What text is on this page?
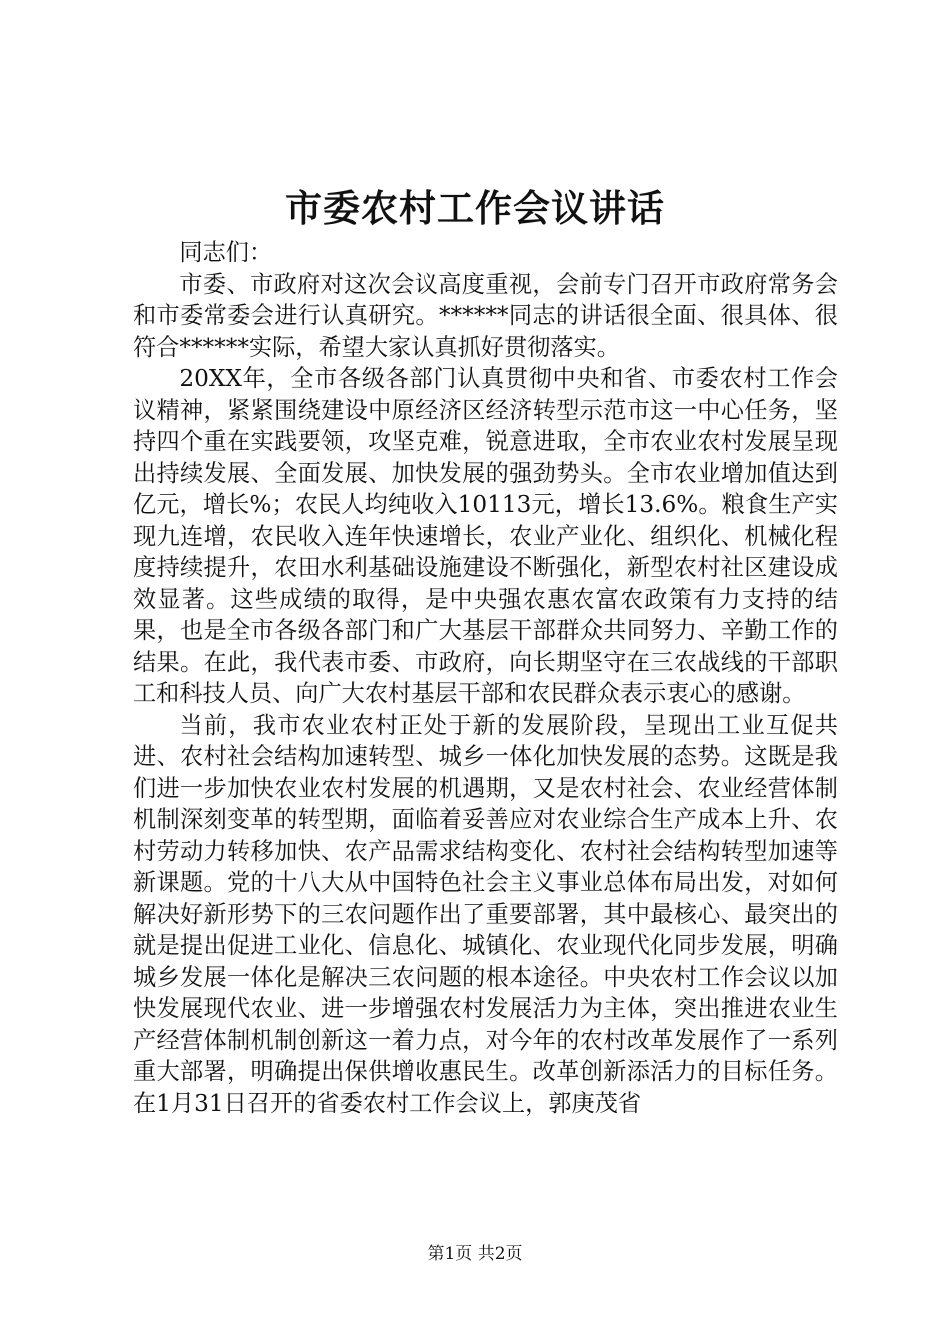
市委农村工作会议讲话

同志们：

市委、市政府对这次会议高度重视，会前专门召开市政府常务会和市委常委会进行认真研究。******同志的讲话很全面、很具体、很符合******实际，希望大家认真抓好贯彻落实。

20XX年，全市各级各部门认真贯彻中央和省、市委农村工作会议精神，紧紧围绕建设中原经济区经济转型示范市这一中心任务，坚持四个重在实践要领，攻坚克难，锐意进取，全市农业农村发展呈现出持续发展、全面发展、加快发展的强劲势头。全市农业增加值达到亿元，增长%；农民人均纯收入10113元，增长13.6%。粮食生产实现九连增，农民收入连年快速增长，农业产业化、组织化、机械化程度持续提升，农田水利基础设施建设不断强化，新型农村社区建设成效显著。这些成绩的取得，是中央强农惠农富农政策有力支持的结果，也是全市各级各部门和广大基层干部群众共同努力、辛勤工作的结果。在此，我代表市委、市政府，向长期坚守在三农战线的干部职工和科技人员、向广大农村基层干部和农民群众表示衷心的感谢。

当前，我市农业农村正处于新的发展阶段，呈现出工业互促共进、农村社会结构加速转型、城乡一体化加快发展的态势。这既是我们进一步加快农业农村发展的机遇期，又是农村社会、农业经营体制机制深刻变革的转型期，面临着妥善应对农业综合生产成本上升、农村劳动力转移加快、农产品需求结构变化、农村社会结构转型加速等新课题。党的十八大从中国特色社会主义事业总体布局出发，对如何解决好新形势下的三农问题作出了重要部署，其中最核心、最突出的就是提出促进工业化、信息化、城镇化、农业现代化同步发展，明确城乡发展一体化是解决三农问题的根本途径。中央农村工作会议以加快发展现代农业、进一步增强农村发展活力为主体，突出推进农业生产经营体制机制创新这一着力点，对今年的农村改革发展作了一系列重大部署，明确提出保供增收惠民生。改革创新添活力的目标任务。在1月31日召开的省委农村工作会议上，郭庚茂省

第1页 共2页
